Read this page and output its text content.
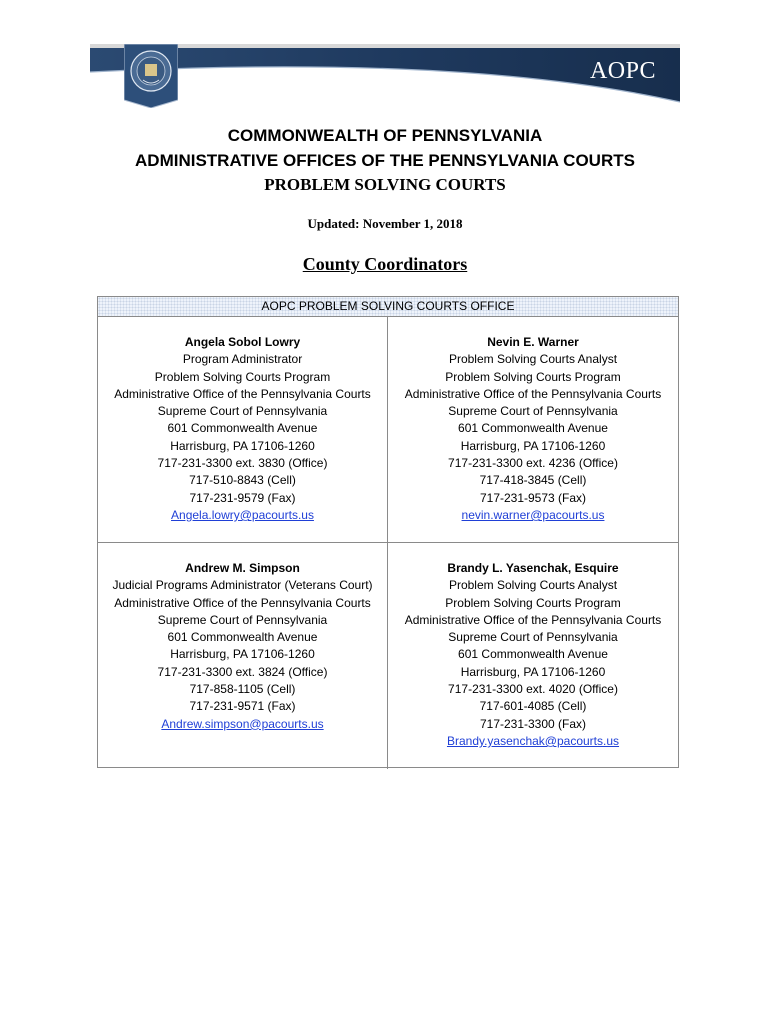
AOPC
COMMONWEALTH OF PENNSYLVANIA
ADMINISTRATIVE OFFICES OF THE PENNSYLVANIA COURTS
PROBLEM SOLVING COURTS
Updated: November 1, 2018
County Coordinators
AOPC PROBLEM SOLVING COURTS OFFICE
Angela Sobol Lowry
Program Administrator
Problem Solving Courts Program
Administrative Office of the Pennsylvania Courts
Supreme Court of Pennsylvania
601 Commonwealth Avenue
Harrisburg, PA 17106-1260
717-231-3300 ext. 3830 (Office)
717-510-8843 (Cell)
717-231-9579 (Fax)
Angela.lowry@pacourts.us
Nevin E. Warner
Problem Solving Courts Analyst
Problem Solving Courts Program
Administrative Office of the Pennsylvania Courts
Supreme Court of Pennsylvania
601 Commonwealth Avenue
Harrisburg, PA 17106-1260
717-231-3300 ext. 4236 (Office)
717-418-3845 (Cell)
717-231-9573 (Fax)
nevin.warner@pacourts.us
Andrew M. Simpson
Judicial Programs Administrator (Veterans Court)
Administrative Office of the Pennsylvania Courts
Supreme Court of Pennsylvania
601 Commonwealth Avenue
Harrisburg, PA 17106-1260
717-231-3300 ext. 3824 (Office)
717-858-1105 (Cell)
717-231-9571 (Fax)
Andrew.simpson@pacourts.us
Brandy L. Yasenchak, Esquire
Problem Solving Courts Analyst
Problem Solving Courts Program
Administrative Office of the Pennsylvania Courts
Supreme Court of Pennsylvania
601 Commonwealth Avenue
Harrisburg, PA 17106-1260
717-231-3300 ext. 4020 (Office)
717-601-4085 (Cell)
717-231-3300 (Fax)
Brandy.yasenchak@pacourts.us
